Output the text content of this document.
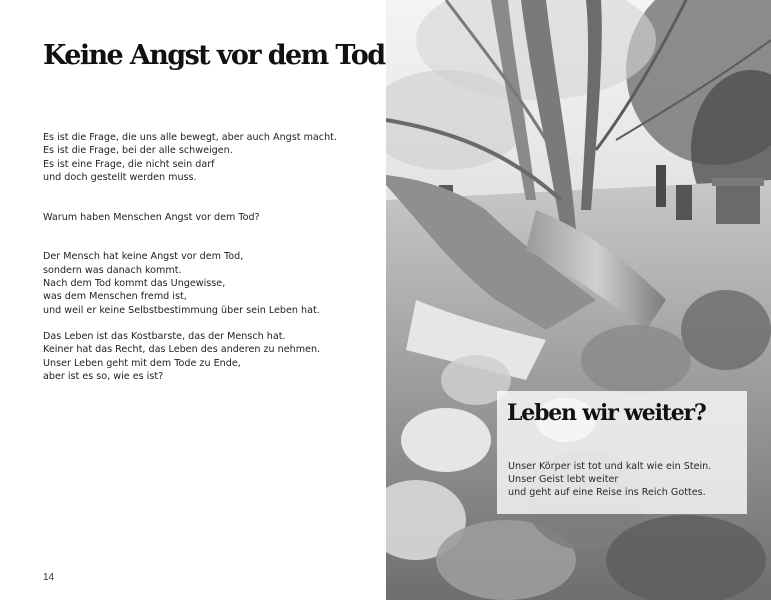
Keine Angst vor dem Tod

Es ist die Frage, die uns alle bewegt, aber auch Angst macht.
Es ist die Frage, bei der alle schweigen.
Es ist eine Frage, die nicht sein darf
und doch gestellt werden muss.

Warum haben Menschen Angst vor dem Tod?

Der Mensch hat keine Angst vor dem Tod,
sondern was danach kommt.
Nach dem Tod kommt das Ungewisse,
was dem Menschen fremd ist,
und weil er keine Selbstbestimmung über sein Leben hat.

Das Leben ist das Kostbarste, das der Mensch hat.
Keiner hat das Recht, das Leben des anderen zu nehmen.
Unser Leben geht mit dem Tode zu Ende,
aber ist es so, wie es ist?

14
Leben wir weiter?
Unser Körper ist tot und kalt wie ein Stein.
Unser Geist lebt weiter
und geht auf eine Reise ins Reich Gottes.
